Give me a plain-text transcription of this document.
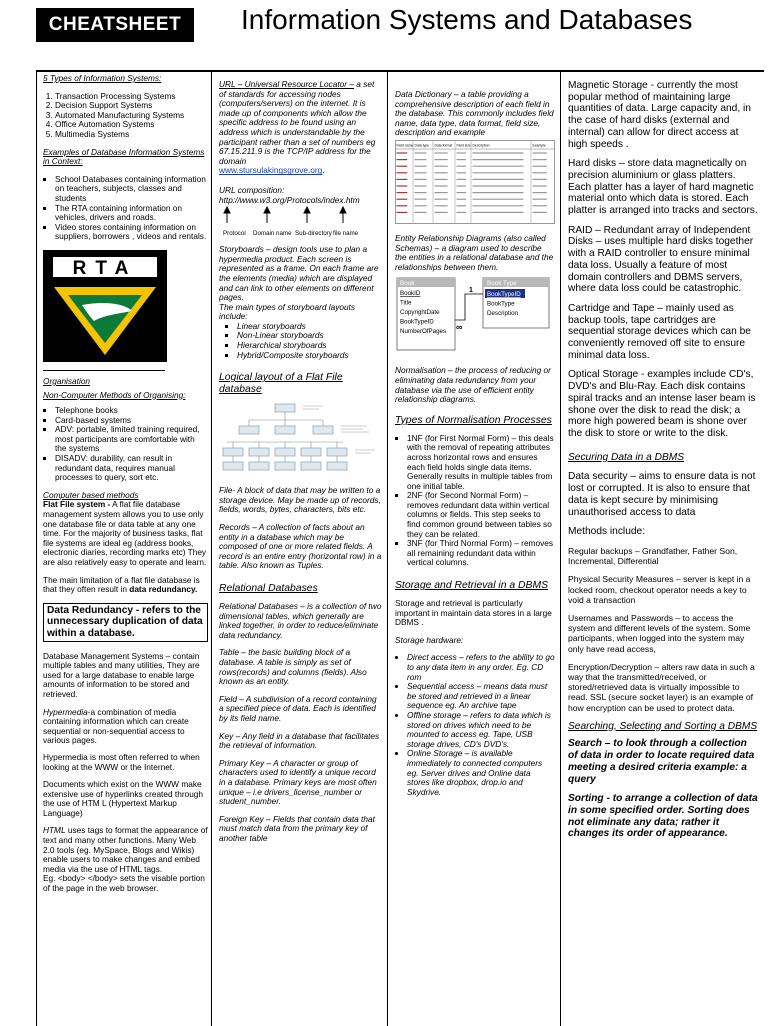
CHEATSHEET	Information Systems and Databases
5 Types of Information Systems:
1. Transaction Processing Systems
2. Decision Support Systems
3. Automated Manufacturing Systems
4. Office Automation Systems
5. Multimedia Systems
Examples of Database Information Systems in Context:
▪ School Databases containing information on teachers, subjects, classes and students
▪ The RTA containing information on vehicles, drivers and roads.
▪ Video stores containing information on suppliers, borrowers , videos and rentals.
RTA
Organisation
Non-Computer Methods of Organising:
▪ Telephone books
▪ Card-based systems
▪ ADV: portable, limited training required, most participants are comfortable with the systems
▪ DISADV: durability, can result in redundant data, requires manual processes to query, sort etc.
Computer based methods
Flat File system - A flat file database management system allows you to use only one database file or data table at any one time. For the majority of business tasks, flat file systems are ideal eg (address books, electronic diaries, recording marks etc) They are also relatively easy to operate and learn.
The main limitation of a flat file database is that they often result in data redundancy.
Data Redundancy - refers to the unnecessary duplication of data within a database.
Database Management Systems – contain multiple tables and many utilities, They are used for a large database to enable large amounts of information to be stored and retrieved.
Hypermedia-a combination of media containing information which can create sequential or non-sequential access to various pages.
Hypermedia is most often referred to when looking at the WWW or the Internet.
Documents which exist on the WWW make extensive use of hyperlinks created through the use of HTM L (Hypertext Markup Language)
HTML uses tags to format the appearance of text and many other functions. Many Web 2.0 tools (eg. MySpace, Blogs and Wikis) enable users to make changes and embed media via the use of HTML tags.
Eg. <body> </body> sets the visable portion of the page in the web browser.
URL – Universal Resource Locator – a set of standards for accessing nodes (computers/servers) on the internet. It is made up of components which allow the specific address to be found using an address which is understandable by the participant rather than a set of numbers eg 67.15.211.9 is the TCP/IP address for the domain
www.stursulakingsgrove.org.
URL composition:
http://www.w3.org/Protocols/index.htm
Protocol Domain name Sub-directory file name
Storyboards – design tools use to plan a hypermedia product. Each screen is represented as a frame. On each frame are the elements (media) which are displayed and can link to other elements on different pages.
The main types of storyboard layouts include:
▪ Linear storyboards
▪ Non-Linear storyboards
▪ Hierarchical storyboards
▪ Hybrid/Composite storyboards
Logical layout of a Flat File database
File- A block of data that may be written to a storage device. May be made up of records, fields, words, bytes, characters, bits etc.
Records – A collection of facts about an entity in a database which may be composed of one or more related fields. A record is an entire entry (horizontal row) in a table. Also known as Tuples.
Relational Databases
Relational Databases – is a collection of two dimensional tables, which generally are linked together, in order to reduce/eliminate data redundancy.
Table – the basic building block of a database. A table is simply as set of rows(records) and columns (fields). Also known as an entity.
Field – A subdivision of a record containing a specified piece of data. Each is identified by its field name.
Key – Any field in a database that facilitates the retrieval of information.
Primary Key – A character or group of characters used to identify a unique record in a database. Primary keys are most often unique – i.e drivers_license_number or student_number.
Foreign Key – Fields that contain data that must match data from the primary key of another table
Data Dictionary – a table providing a comprehensive description of each field in the database. This commonly includes field name, data type, data format, field size, description and example
Field name Data type Data format Field size Description	Example
Entity Relationship Diagrams (also called Schemas) – a diagram used to describe the entities in a relational database and the relationships between them.
Book
BookID
Title
CopyrightDate
BookTypeID
NumberOfPages
Book Type
BookTypeID
BookType
Description
1
∞
Normalisation – the process of reducing or eliminating data redundancy from your database via the use of efficient entity relationship diagrams.
Types of Normalisation Processes
▪ 1NF (for First Normal Form) – this deals with the removal of repeating attributes across horizontal rows and ensures each field holds single data items. Generally results in multiple tables from one initial table.
▪ 2NF (for Second Normal Form) – removes redundant data within vertical columns or fields. This step seeks to find common ground between tables so they can be related.
▪ 3NF (for Third Normal Form) – removes all remaining redundant data within vertical columns.
Storage and Retrieval in a DBMS
Storage and retrieval is particularly important in maintain data stores in a large DBMS .
Storage hardware:
• Direct access – refers to the ability to go to any data item in any order. Eg. CD rom
• Sequential access – means data must be stored and retrieved in a linear sequence eg. An archive tape
• Offline storage – refers to data which is stored on drives which need to be mounted to access eg. Tape, USB storage drives, CD's DVD's.
• Online Storage – is available immediately to connected computers eg. Server drives and Online data stores like dropbox, drop.io and Skydrive.
Magnetic Storage - currently the most popular method of maintaining large quantities of data. Large capacity and, in the case of hard disks (external and internal) can allow for direct access at high speeds .
Hard disks – store data magnetically on precision aluminium or glass platters. Each platter has a layer of hard magnetic material onto which data is stored. Each platter is arranged into tracks and sectors.
RAID – Redundant array of Independent Disks – uses multiple hard disks together with a RAID controller to ensure minimal data loss. Usually a feature of most domain controllers and DBMS servers, where data loss could be catastrophic.
Cartridge and Tape – mainly used as backup tools, tape cartridges are sequential storage devices which can be conveniently removed off site to ensure minimal data loss.
Optical Storage - examples include CD's, DVD's and Blu-Ray. Each disk contains spiral tracks and an intense laser beam is shone over the disk to read the disk; a more high powered beam is shone over the disk to store or write to the disk.
Securing Data in a DBMS
Data security – aims to ensure data is not lost or corrupted. It is also to ensure that data is kept secure by minimising unauthorised access to data
Methods include:
Regular backups – Grandfather, Father Son, Incremental, Differential
Physical Security Measures – server is kept in a locked room, checkout operator needs a key to void a transaction
Usernames and Passwords – to access the system and different levels of the system. Some participants, when logged into the system may only have read access,
Encryption/Decryption – alters raw data in such a way that the transmitted/received, or stored/retrieved data is virtually impossible to read. SSL (secure socket layer) is an example of how encryption can be used to protect data.
Searching, Selecting and Sorting a DBMS
Search – to look through a collection of data in order to locate required data meeting a desired criteria example: a query
Sorting - to arrange a collection of data in some specified order. Sorting does not eliminate any data; rather it changes its order of appearance.
